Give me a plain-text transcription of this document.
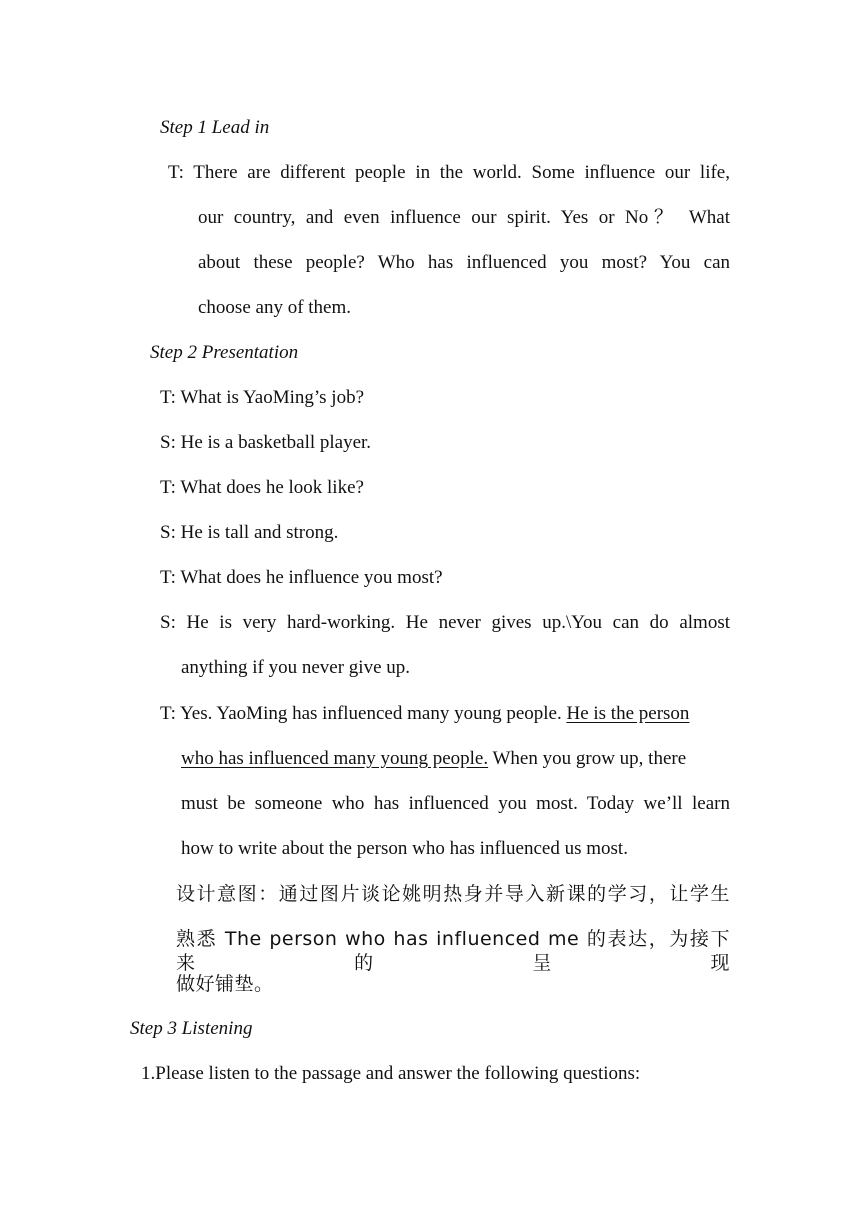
Step 1 Lead in
T: There are different people in the world. Some influence our life,
our country, and even influence our spirit. Yes or No？ What
about these people? Who has influenced you most? You can
choose any of them.
Step 2 Presentation
T: What is YaoMing’s job?
S: He is a basketball player.
T: What does he look like?
S: He is tall and strong.
T: What does he influence you most?
S: He is very hard-working. He never gives up.\You can do almost
anything if you never give up.
T: Yes. YaoMing has influenced many young people. He is the person
who has influenced many young people. When you grow up, there
must be someone who has influenced you most. Today we’ll learn
how to write about the person who has influenced us most.
设计意图：通过图片谈论姚明热身并导入新课的学习，让学生
熟悉 The person who has influenced me 的表达，为接下来的呈现
做好铺垫。
Step 3 Listening
1.Please listen to the passage and answer the following questions:
